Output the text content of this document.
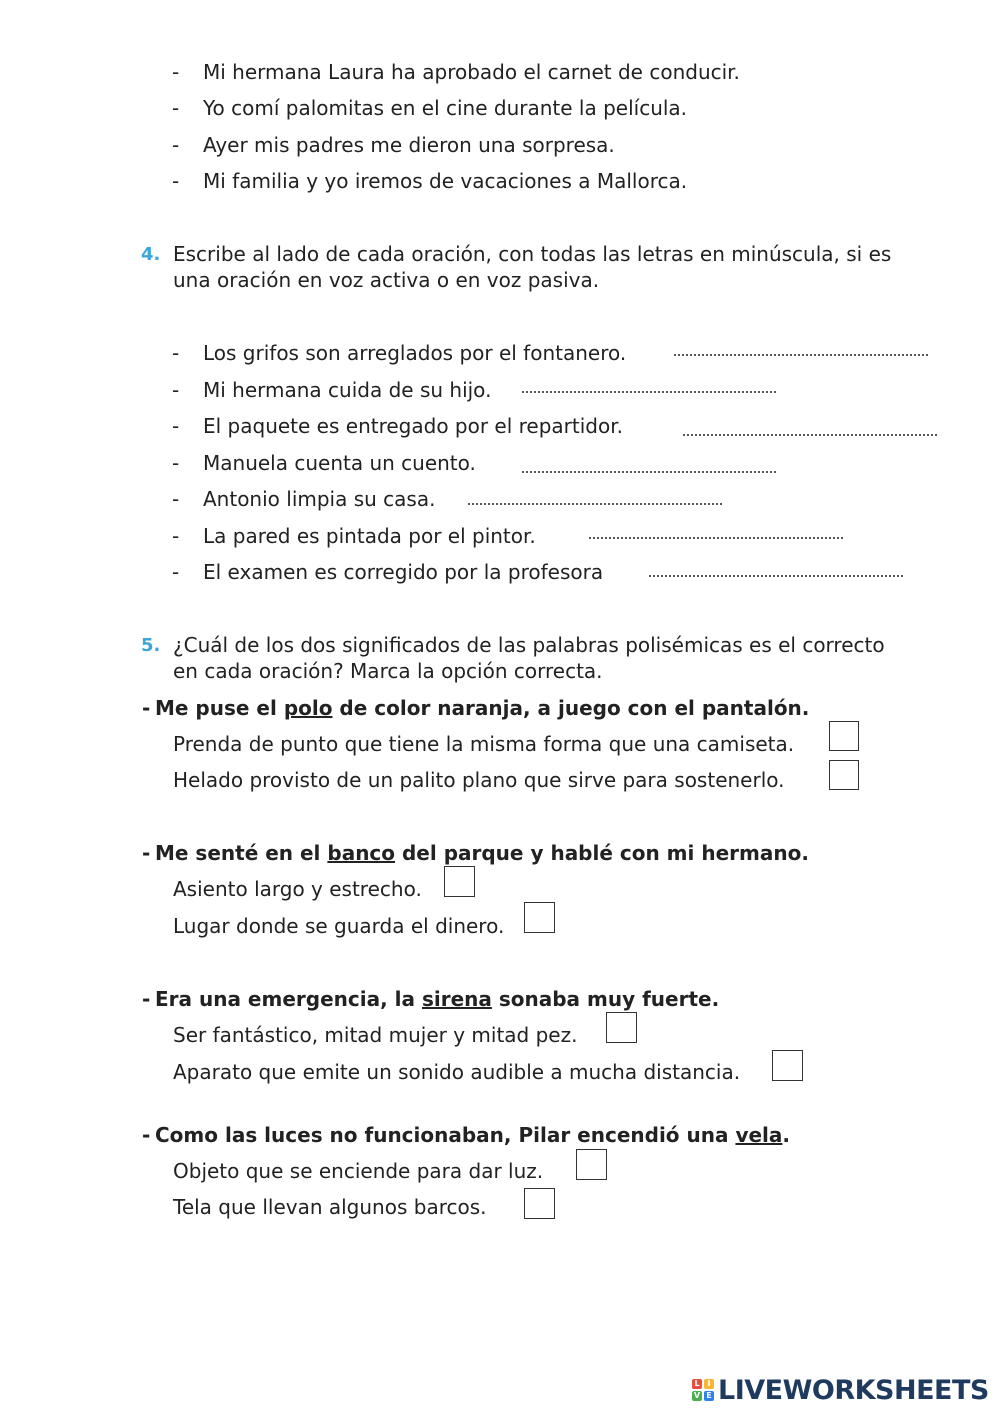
- Mi hermana Laura ha aprobado el carnet de conducir.
- Yo comí palomitas en el cine durante la película.
- Ayer mis padres me dieron una sorpresa.
- Mi familia y yo iremos de vacaciones a Mallorca.
4. Escribe al lado de cada oración, con todas las letras en minúscula, si es
una oración en voz activa o en voz pasiva.
- Los grifos son arreglados por el fontanero.
- Mi hermana cuida de su hijo.
- El paquete es entregado por el repartidor.
- Manuela cuenta un cuento.
- Antonio limpia su casa.
- La pared es pintada por el pintor.
- El examen es corregido por la profesora
5. ¿Cuál de los dos significados de las palabras polisémicas es el correcto
en cada oración? Marca la opción correcta.
- Me puse el polo de color naranja, a juego con el pantalón.
Prenda de punto que tiene la misma forma que una camiseta.
Helado provisto de un palito plano que sirve para sostenerlo.
- Me senté en el banco del parque y hablé con mi hermano.
Asiento largo y estrecho.
Lugar donde se guarda el dinero.
- Era una emergencia, la sirena sonaba muy fuerte.
Ser fantástico, mitad mujer y mitad pez.
Aparato que emite un sonido audible a mucha distancia.
- Como las luces no funcionaban, Pilar encendió una vela.
Objeto que se enciende para dar luz.
Tela que llevan algunos barcos.
L I
V E LIVEWORKSHEETS
